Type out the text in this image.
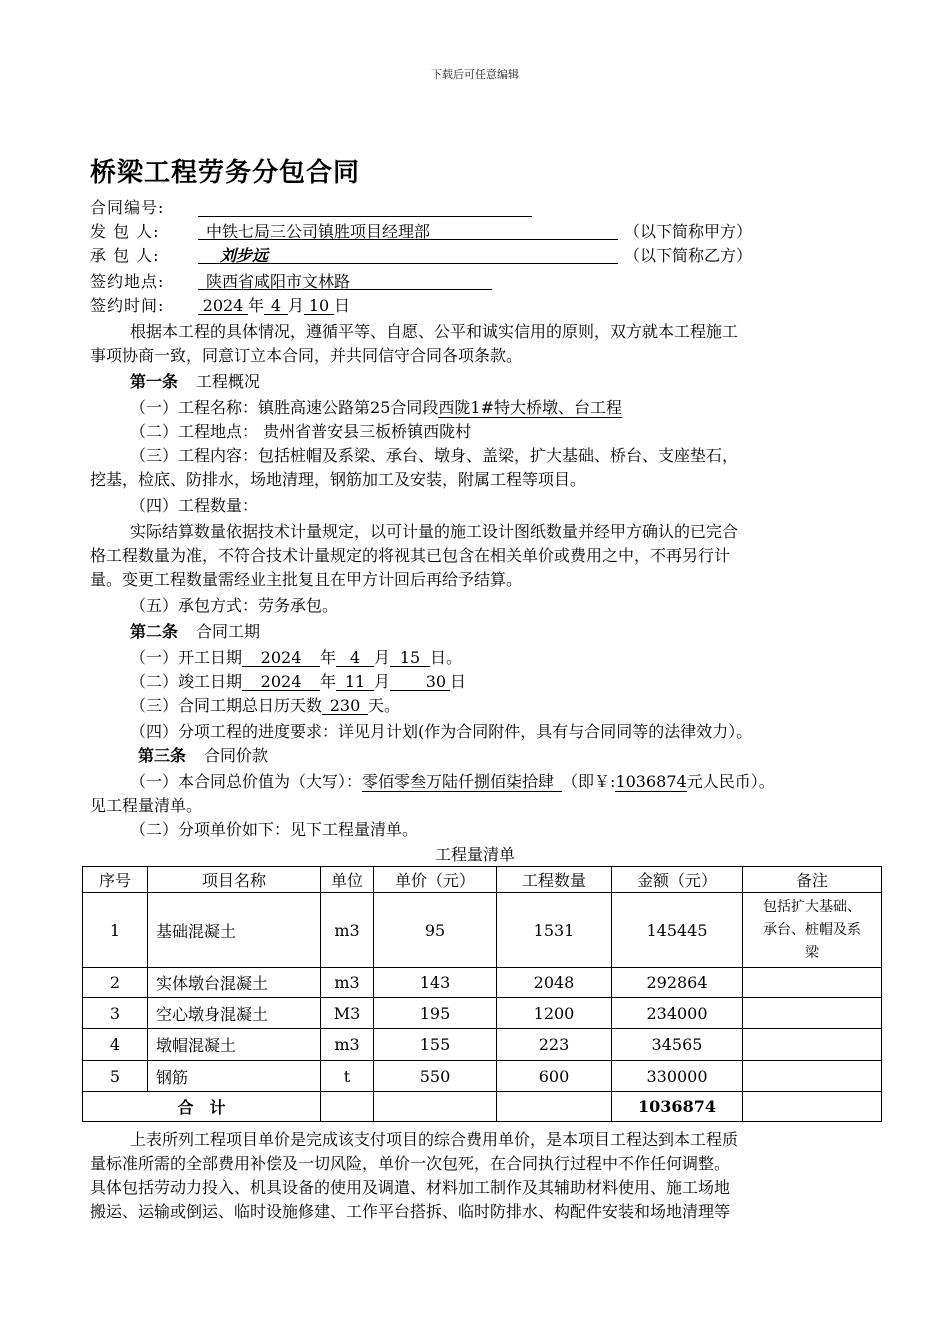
下载后可任意编辑
桥梁工程劳务分包合同
合同编号:
发 包 人:	中铁七局三公司镇胜项目经理部	（以下简称甲方）
承 包 人:	刘步远	（以下简称乙方）
签约地点:	陕西省咸阳市文林路
签约时间: 2024 年 4 月 10 日
根据本工程的具体情况，遵循平等、自愿、公平和诚实信用的原则，双方就本工程施工
事项协商一致，同意订立本合同，并共同信守合同各项条款。
第一条 工程概况
（一）工程名称：镇胜高速公路第25合同段西陇1#特大桥墩、台工程
（二）工程地点： 贵州省普安县三板桥镇西陇村
（三）工程内容：包括桩帽及系梁、承台、墩身、盖梁，扩大基础、桥台、支座垫石，
挖基，检底、防排水，场地清理，钢筋加工及安装，附属工程等项目。
（四）工程数量：
实际结算数量依据技术计量规定，以可计量的施工设计图纸数量并经甲方确认的已完合
格工程数量为准，不符合技术计量规定的将视其已包含在相关单价或费用之中，不再另行计
量。变更工程数量需经业主批复且在甲方计回后再给予结算。
（五）承包方式：劳务承包。
第二条 合同工期
（一）开工日期 2024 年 4 月 15 日。
（二）竣工日期 2024 年 11 月 30 日
（三）合同工期总日历天数 230 天。
（四）分项工程的进度要求：详见月计划(作为合同附件，具有与合同同等的法律效力）。
第三条 合同价款
（一）本合同总价值为（大写）：零佰零叁万陆仟捌佰柒拾肆 （即￥:1036874元人民币）。
见工程量清单。
（二）分项单价如下：见下工程量清单。
工程量清单
序号	项目名称	单位	单价（元）	工程数量	金额（元）	备注
1	基础混凝土	m3	95	1531	145445	包括扩大基础、
承台、桩帽及系
梁

2	实体墩台混凝土	m3	143	2048	292864	
3	空心墩身混凝土	M3	195	1200	234000	
4	墩帽混凝土	m3	155	223	34565	
5	钢筋	t	550	600	330000	
合　计					1036874	
上表所列工程项目单价是完成该支付项目的综合费用单价，是本项目工程达到本工程质
量标准所需的全部费用补偿及一切风险，单价一次包死，在合同执行过程中不作任何调整。
具体包括劳动力投入、机具设备的使用及调遣、材料加工制作及其辅助材料使用、施工场地
搬运、运输或倒运、临时设施修建、工作平台搭拆、临时防排水、构配件安装和场地清理等
